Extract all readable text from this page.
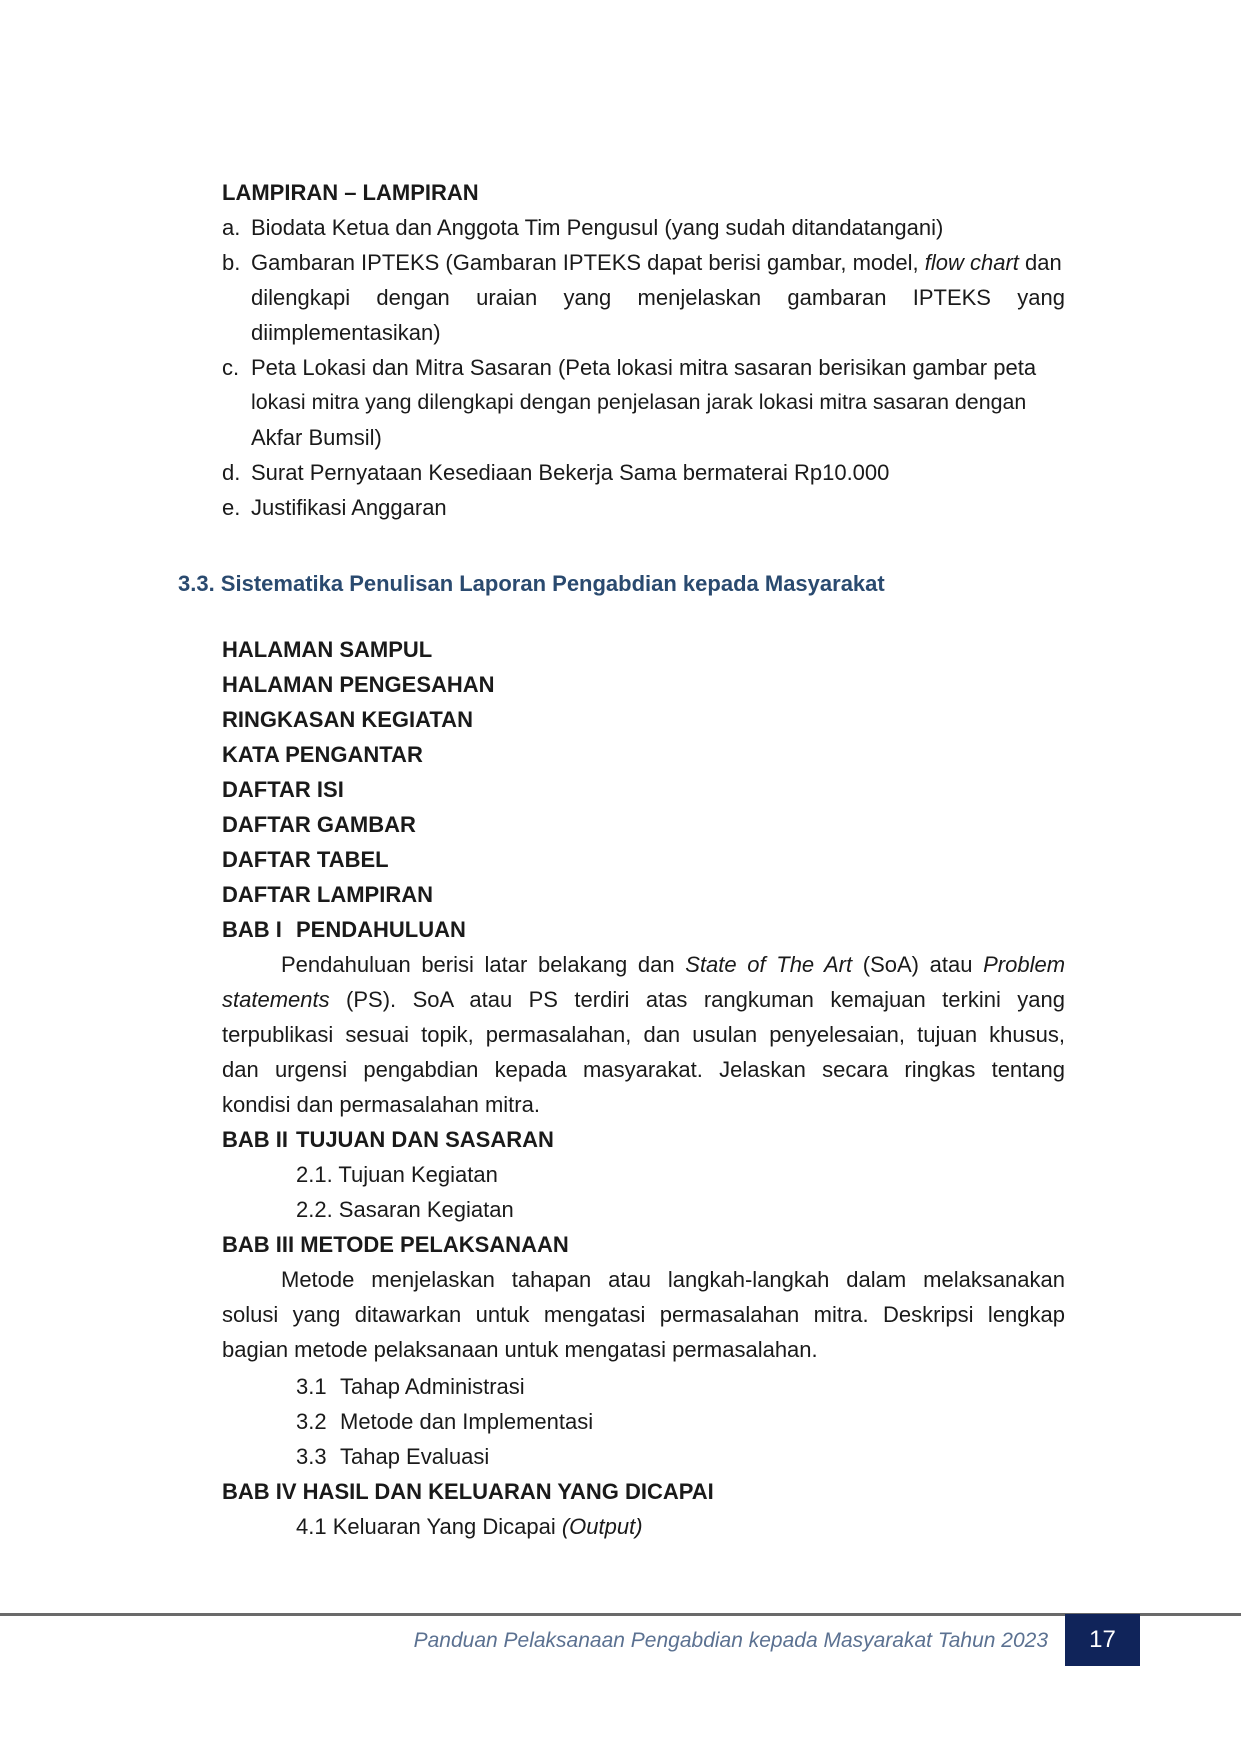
LAMPIRAN – LAMPIRAN
a. Biodata Ketua dan Anggota Tim Pengusul (yang sudah ditandatangani)
b. Gambaran IPTEKS (Gambaran IPTEKS dapat berisi gambar, model, flow chart dan
dilengkapi dengan uraian yang menjelaskan gambaran IPTEKS yang
diimplementasikan)
c. Peta Lokasi dan Mitra Sasaran (Peta lokasi mitra sasaran berisikan gambar peta
lokasi mitra yang dilengkapi dengan penjelasan jarak lokasi mitra sasaran dengan
Akfar Bumsil)
d. Surat Pernyataan Kesediaan Bekerja Sama bermaterai Rp10.000
e. Justifikasi Anggaran
3.3. Sistematika Penulisan Laporan Pengabdian kepada Masyarakat
HALAMAN SAMPUL
HALAMAN PENGESAHAN
RINGKASAN KEGIATAN
KATA PENGANTAR
DAFTAR ISI
DAFTAR GAMBAR
DAFTAR TABEL
DAFTAR LAMPIRAN
BAB I PENDAHULUAN
Pendahuluan berisi latar belakang dan State of The Art (SoA) atau Problem
statements (PS). SoA atau PS terdiri atas rangkuman kemajuan terkini yang
terpublikasi sesuai topik, permasalahan, dan usulan penyelesaian, tujuan khusus,
dan urgensi pengabdian kepada masyarakat. Jelaskan secara ringkas tentang
kondisi dan permasalahan mitra.
BAB II TUJUAN DAN SASARAN
2.1. Tujuan Kegiatan
2.2. Sasaran Kegiatan
BAB III METODE PELAKSANAAN
Metode menjelaskan tahapan atau langkah-langkah dalam melaksanakan
solusi yang ditawarkan untuk mengatasi permasalahan mitra. Deskripsi lengkap
bagian metode pelaksanaan untuk mengatasi permasalahan.
3.1 Tahap Administrasi
3.2 Metode dan Implementasi
3.3 Tahap Evaluasi
BAB IV HASIL DAN KELUARAN YANG DICAPAI
4.1 Keluaran Yang Dicapai (Output)
Panduan Pelaksanaan Pengabdian kepada Masyarakat Tahun 2023	17
